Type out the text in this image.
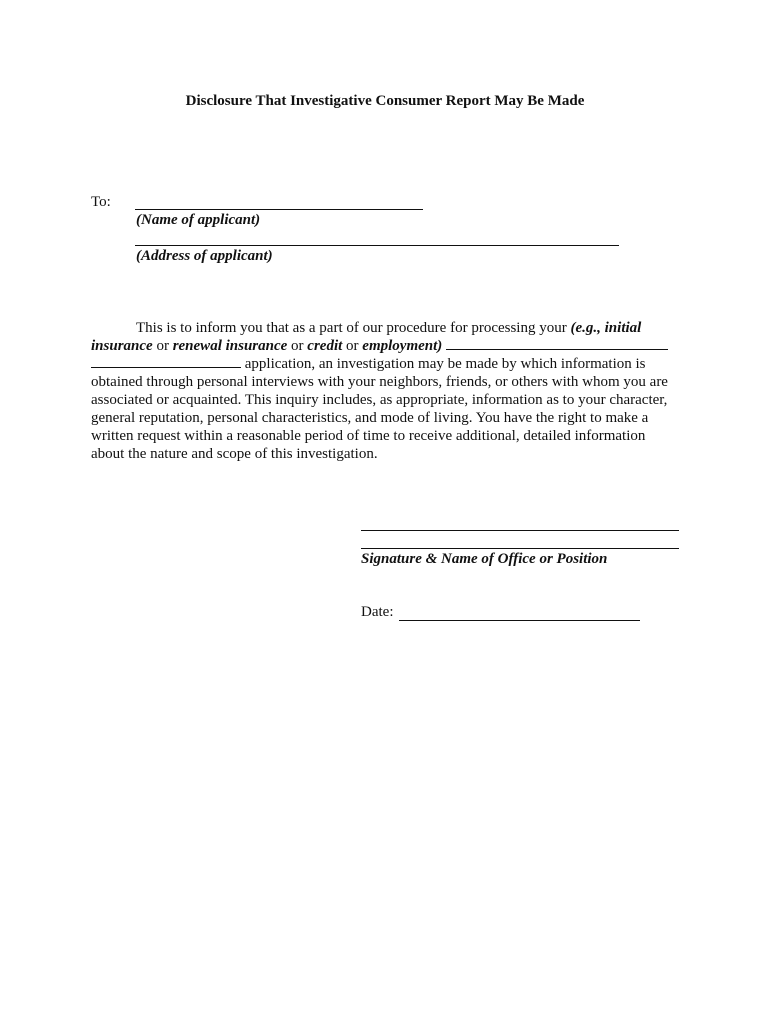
Disclosure That Investigative Consumer Report May Be Made
To:
(Name of applicant)
(Address of applicant)
This is to inform you that as a part of our procedure for processing your (e.g., initial
insurance or renewal insurance or credit or employment)
application, an investigation may be made by which information is
obtained through personal interviews with your neighbors, friends, or others with whom you are
associated or acquainted. This inquiry includes, as appropriate, information as to your character,
general reputation, personal characteristics, and mode of living. You have the right to make a
written request within a reasonable period of time to receive additional, detailed information
about the nature and scope of this investigation.
Signature & Name of Office or Position
Date:
